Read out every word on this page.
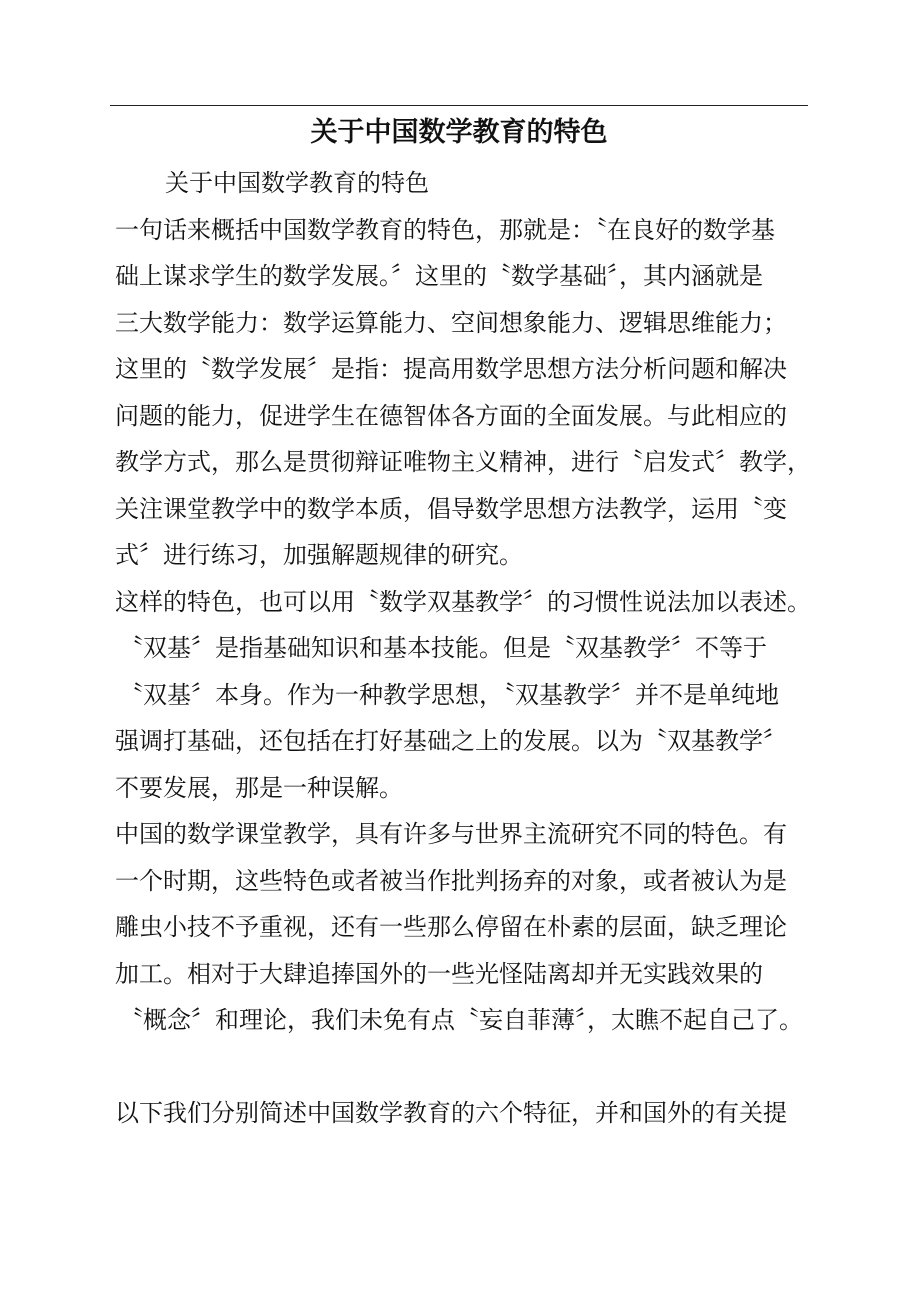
关于中国数学教育的特色
关于中国数学教育的特色
一句话来概括中国数学教育的特色，那就是：〝在良好的数学基
础上谋求学生的数学发展。〞这里的〝数学基础〞，其内涵就是
三大数学能力：数学运算能力、空间想象能力、逻辑思维能力；
这里的〝数学发展〞是指：提高用数学思想方法分析问题和解决
问题的能力，促进学生在德智体各方面的全面发展。与此相应的
教学方式，那么是贯彻辩证唯物主义精神，进行〝启发式〞教学，
关注课堂教学中的数学本质，倡导数学思想方法教学，运用〝变
式〞进行练习，加强解题规律的研究。
这样的特色，也可以用〝数学双基教学〞的习惯性说法加以表述。
〝双基〞是指基础知识和基本技能。但是〝双基教学〞不等于
〝双基〞本身。作为一种教学思想，〝双基教学〞并不是单纯地
强调打基础，还包括在打好基础之上的发展。以为〝双基教学〞
不要发展，那是一种误解。
中国的数学课堂教学，具有许多与世界主流研究不同的特色。有
一个时期，这些特色或者被当作批判扬弃的对象，或者被认为是
雕虫小技不予重视，还有一些那么停留在朴素的层面，缺乏理论
加工。相对于大肆追捧国外的一些光怪陆离却并无实践效果的
〝概念〞和理论，我们未免有点〝妄自菲薄〞，太瞧不起自己了。
以下我们分别简述中国数学教育的六个特征，并和国外的有关提
